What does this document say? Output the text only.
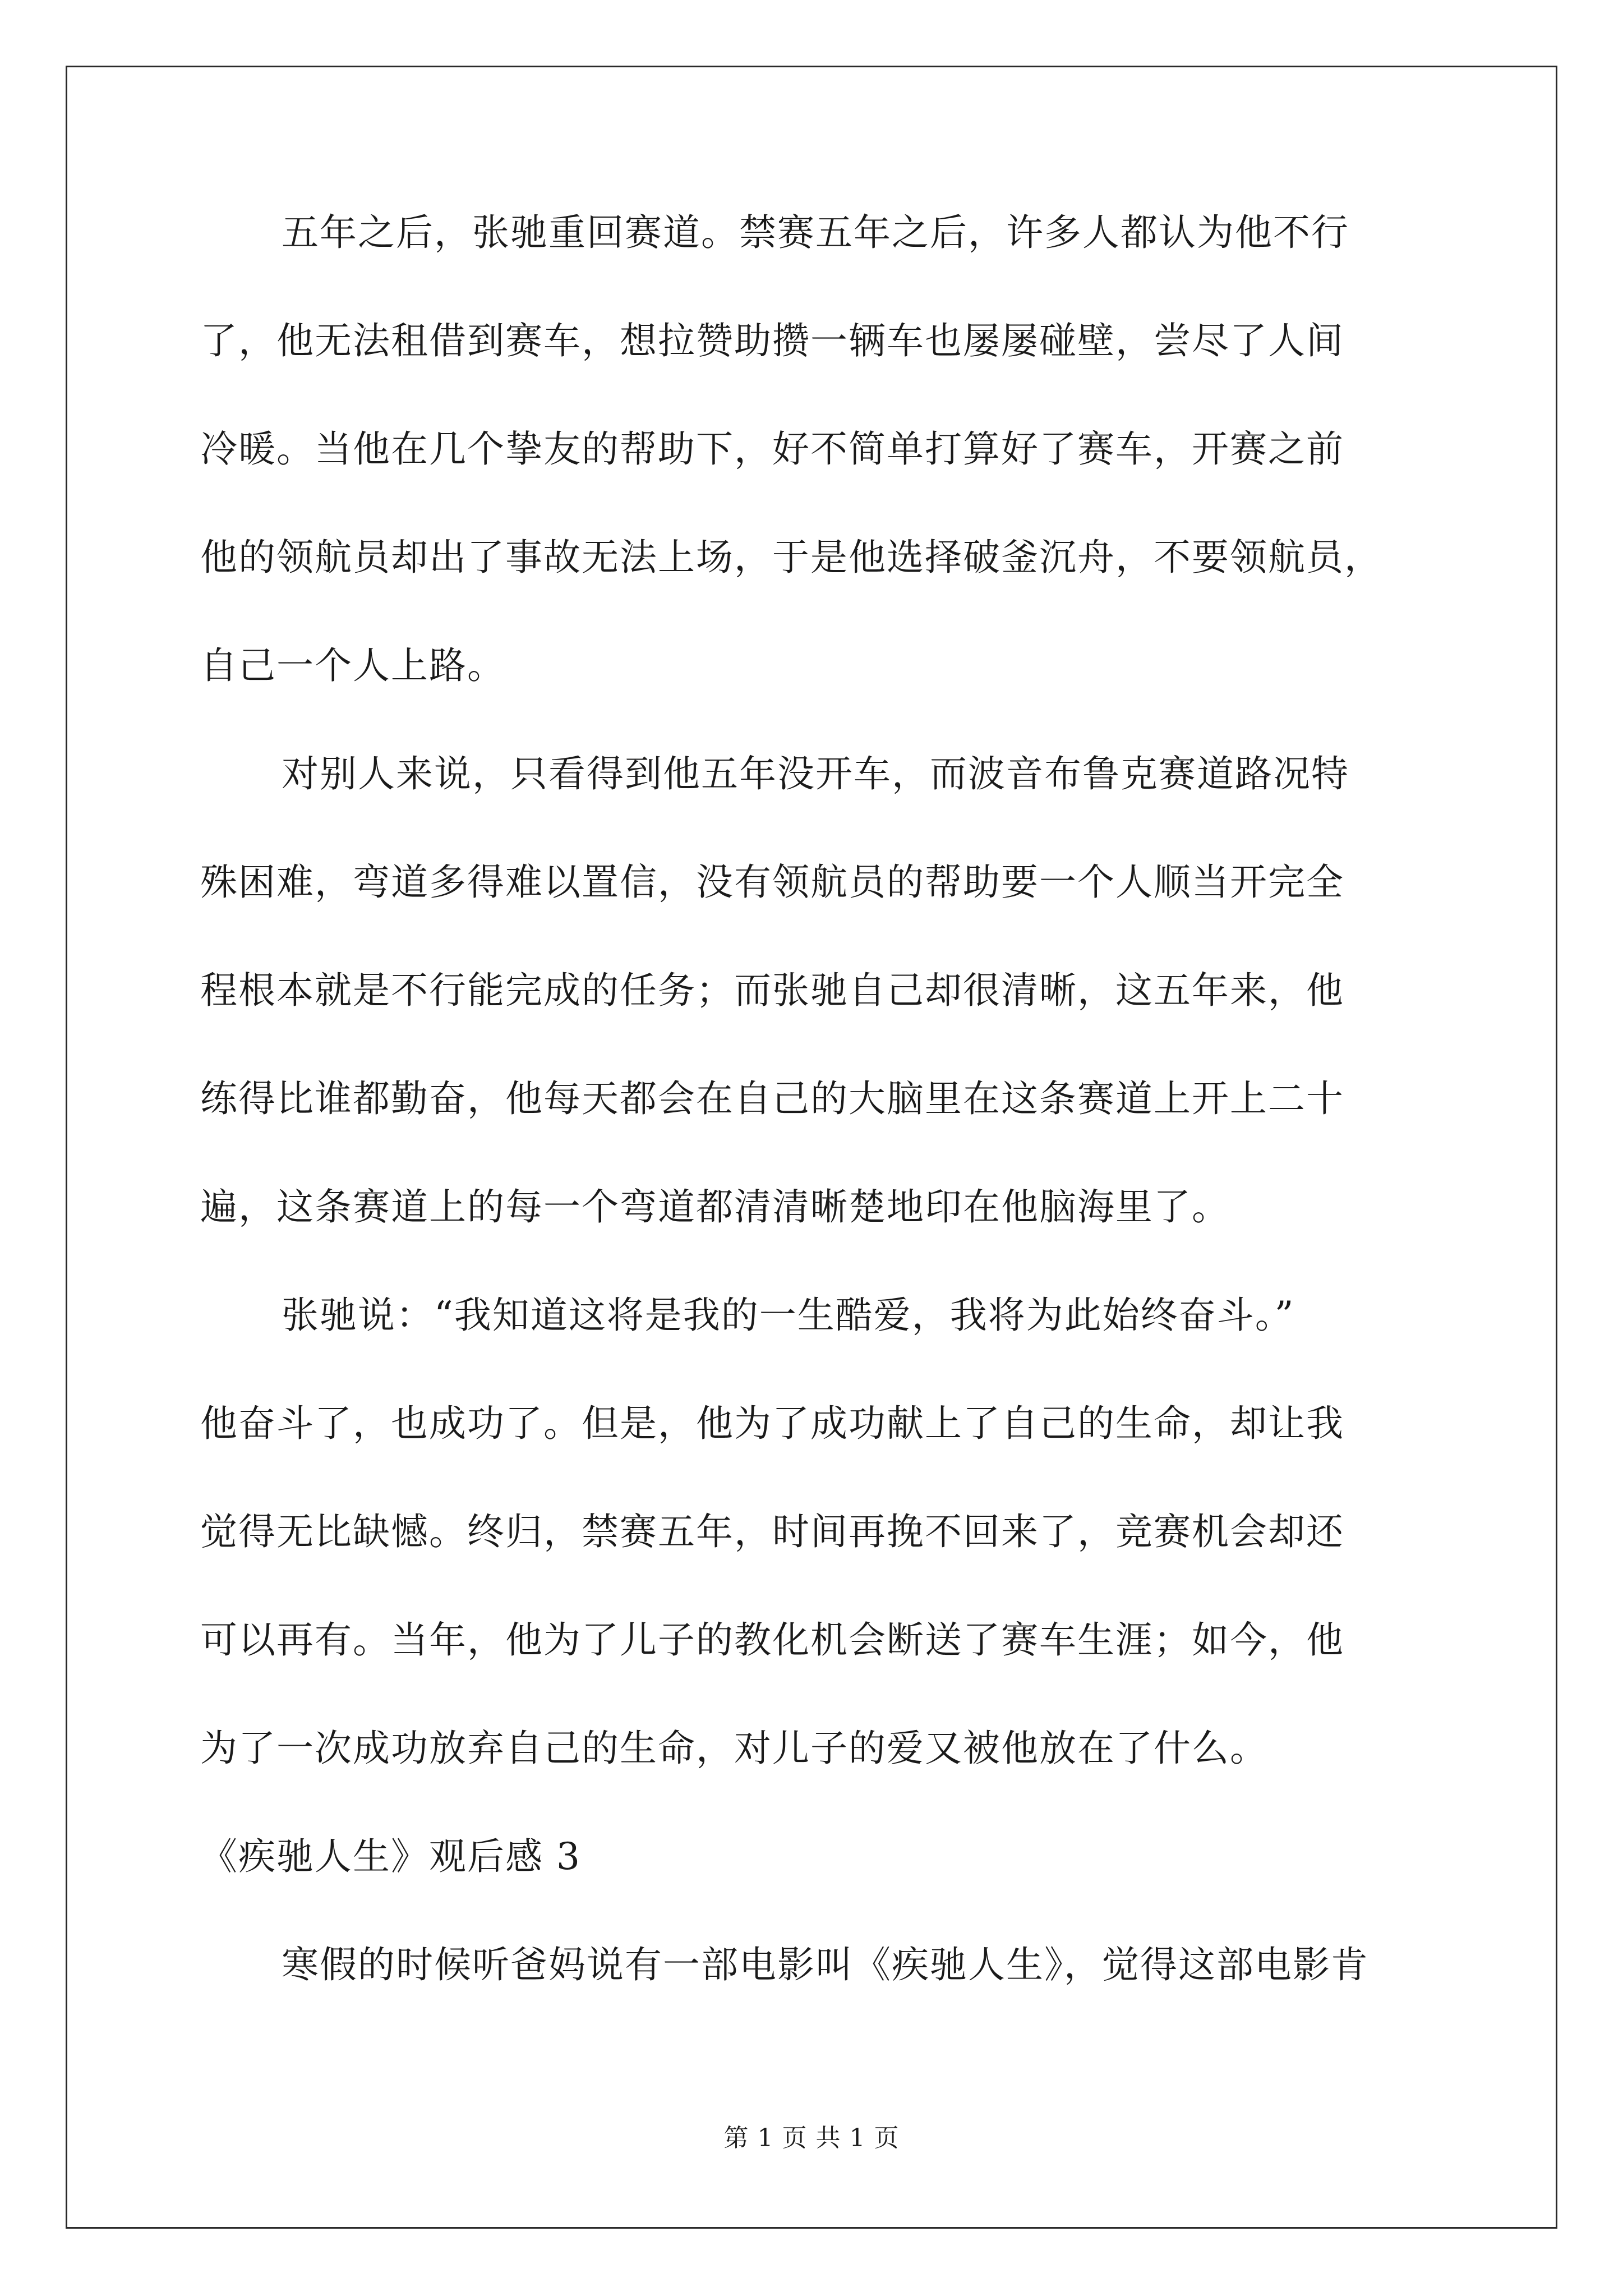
五年之后，张驰重回赛道。禁赛五年之后，许多人都认为他不行
了，他无法租借到赛车，想拉赞助攒一辆车也屡屡碰壁，尝尽了人间
冷暖。当他在几个挚友的帮助下，好不简单打算好了赛车，开赛之前
他的领航员却出了事故无法上场，于是他选择破釜沉舟，不要领航员，
自己一个人上路。
对别人来说，只看得到他五年没开车，而波音布鲁克赛道路况特
殊困难，弯道多得难以置信，没有领航员的帮助要一个人顺当开完全
程根本就是不行能完成的任务；而张驰自己却很清晰，这五年来，他
练得比谁都勤奋，他每天都会在自己的大脑里在这条赛道上开上二十
遍，这条赛道上的每一个弯道都清清晰楚地印在他脑海里了。
张驰说：“我知道这将是我的一生酷爱，我将为此始终奋斗。”
他奋斗了，也成功了。但是，他为了成功献上了自己的生命，却让我
觉得无比缺憾。终归，禁赛五年，时间再挽不回来了，竞赛机会却还
可以再有。当年，他为了儿子的教化机会断送了赛车生涯；如今，他
为了一次成功放弃自己的生命，对儿子的爱又被他放在了什么。
《疾驰人生》观后感 3
寒假的时候听爸妈说有一部电影叫《疾驰人生》，觉得这部电影肯
第 1 页 共 1 页
